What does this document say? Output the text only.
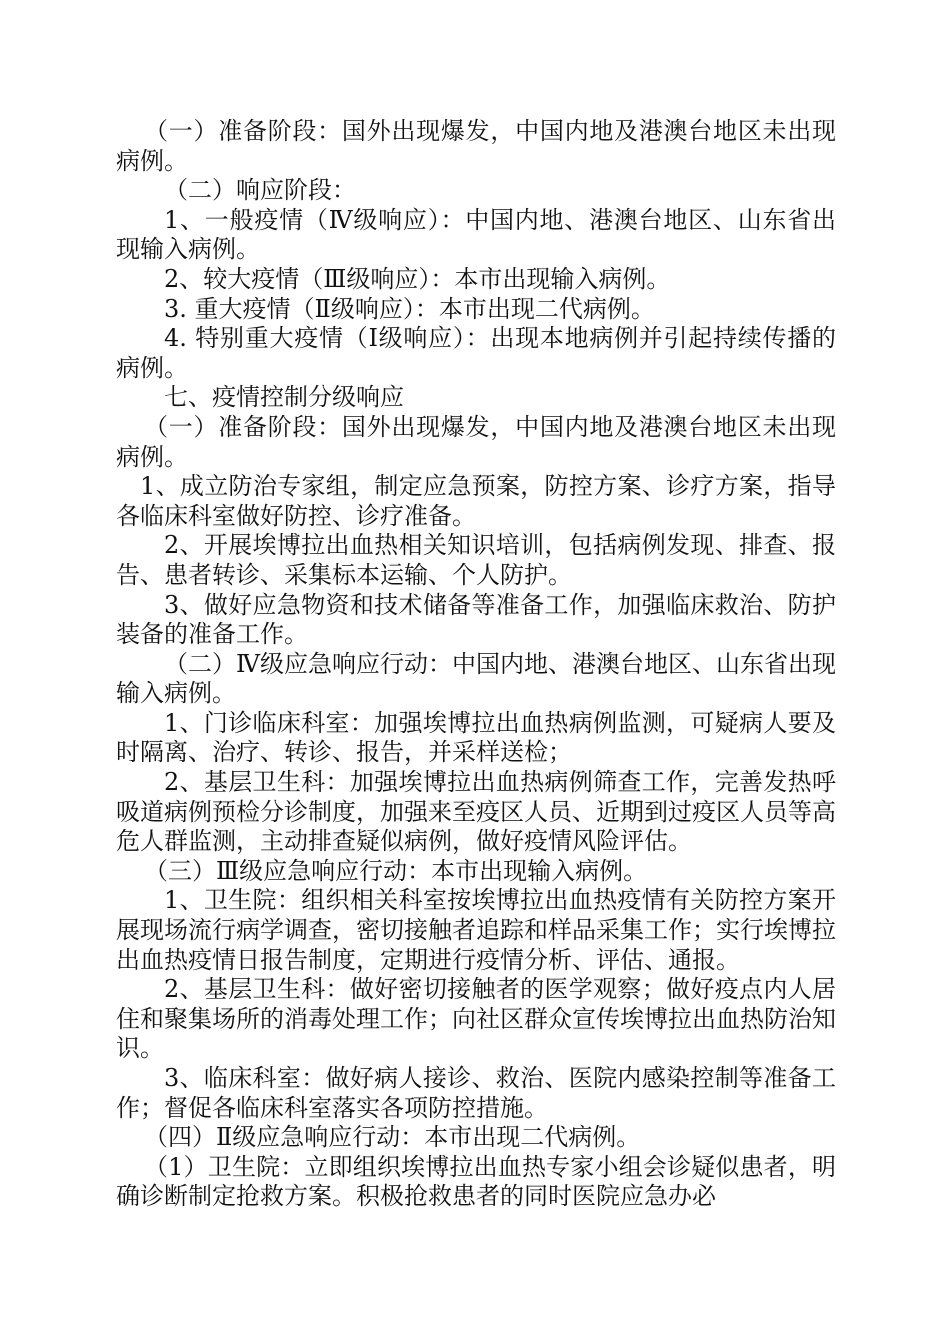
（一）准备阶段：国外出现爆发，中国内地及港澳台地区未出现病例。

（二）响应阶段：

1、一般疫情（Ⅳ级响应）：中国内地、港澳台地区、山东省出现输入病例。

2、较大疫情（Ⅲ级响应）：本市出现输入病例。

3. 重大疫情（Ⅱ级响应）：本市出现二代病例。

4. 特别重大疫情（Ⅰ级响应）：出现本地病例并引起持续传播的病例。

七、疫情控制分级响应

（一）准备阶段：国外出现爆发，中国内地及港澳台地区未出现病例。

1、成立防治专家组，制定应急预案，防控方案、诊疗方案，指导各临床科室做好防控、诊疗准备。

2、开展埃博拉出血热相关知识培训，包括病例发现、排查、报告、患者转诊、采集标本运输、个人防护。

3、做好应急物资和技术储备等准备工作，加强临床救治、防护装备的准备工作。

（二）Ⅳ级应急响应行动：中国内地、港澳台地区、山东省出现输入病例。

1、门诊临床科室：加强埃博拉出血热病例监测，可疑病人要及时隔离、治疗、转诊、报告，并采样送检；

2、基层卫生科：加强埃博拉出血热病例筛查工作，完善发热呼吸道病例预检分诊制度，加强来至疫区人员、近期到过疫区人员等高危人群监测，主动排查疑似病例，做好疫情风险评估。

（三）Ⅲ级应急响应行动：本市出现输入病例。

1、卫生院：组织相关科室按埃博拉出血热疫情有关防控方案开展现场流行病学调查，密切接触者追踪和样品采集工作；实行埃博拉出血热疫情日报告制度，定期进行疫情分析、评估、通报。

2、基层卫生科：做好密切接触者的医学观察；做好疫点内人居住和聚集场所的消毒处理工作；向社区群众宣传埃博拉出血热防治知识。

3、临床科室：做好病人接诊、救治、医院内感染控制等准备工作；督促各临床科室落实各项防控措施。

（四）Ⅱ级应急响应行动：本市出现二代病例。

（1）卫生院：立即组织埃博拉出血热专家小组会诊疑似患者，明确诊断制定抢救方案。积极抢救患者的同时医院应急办必
